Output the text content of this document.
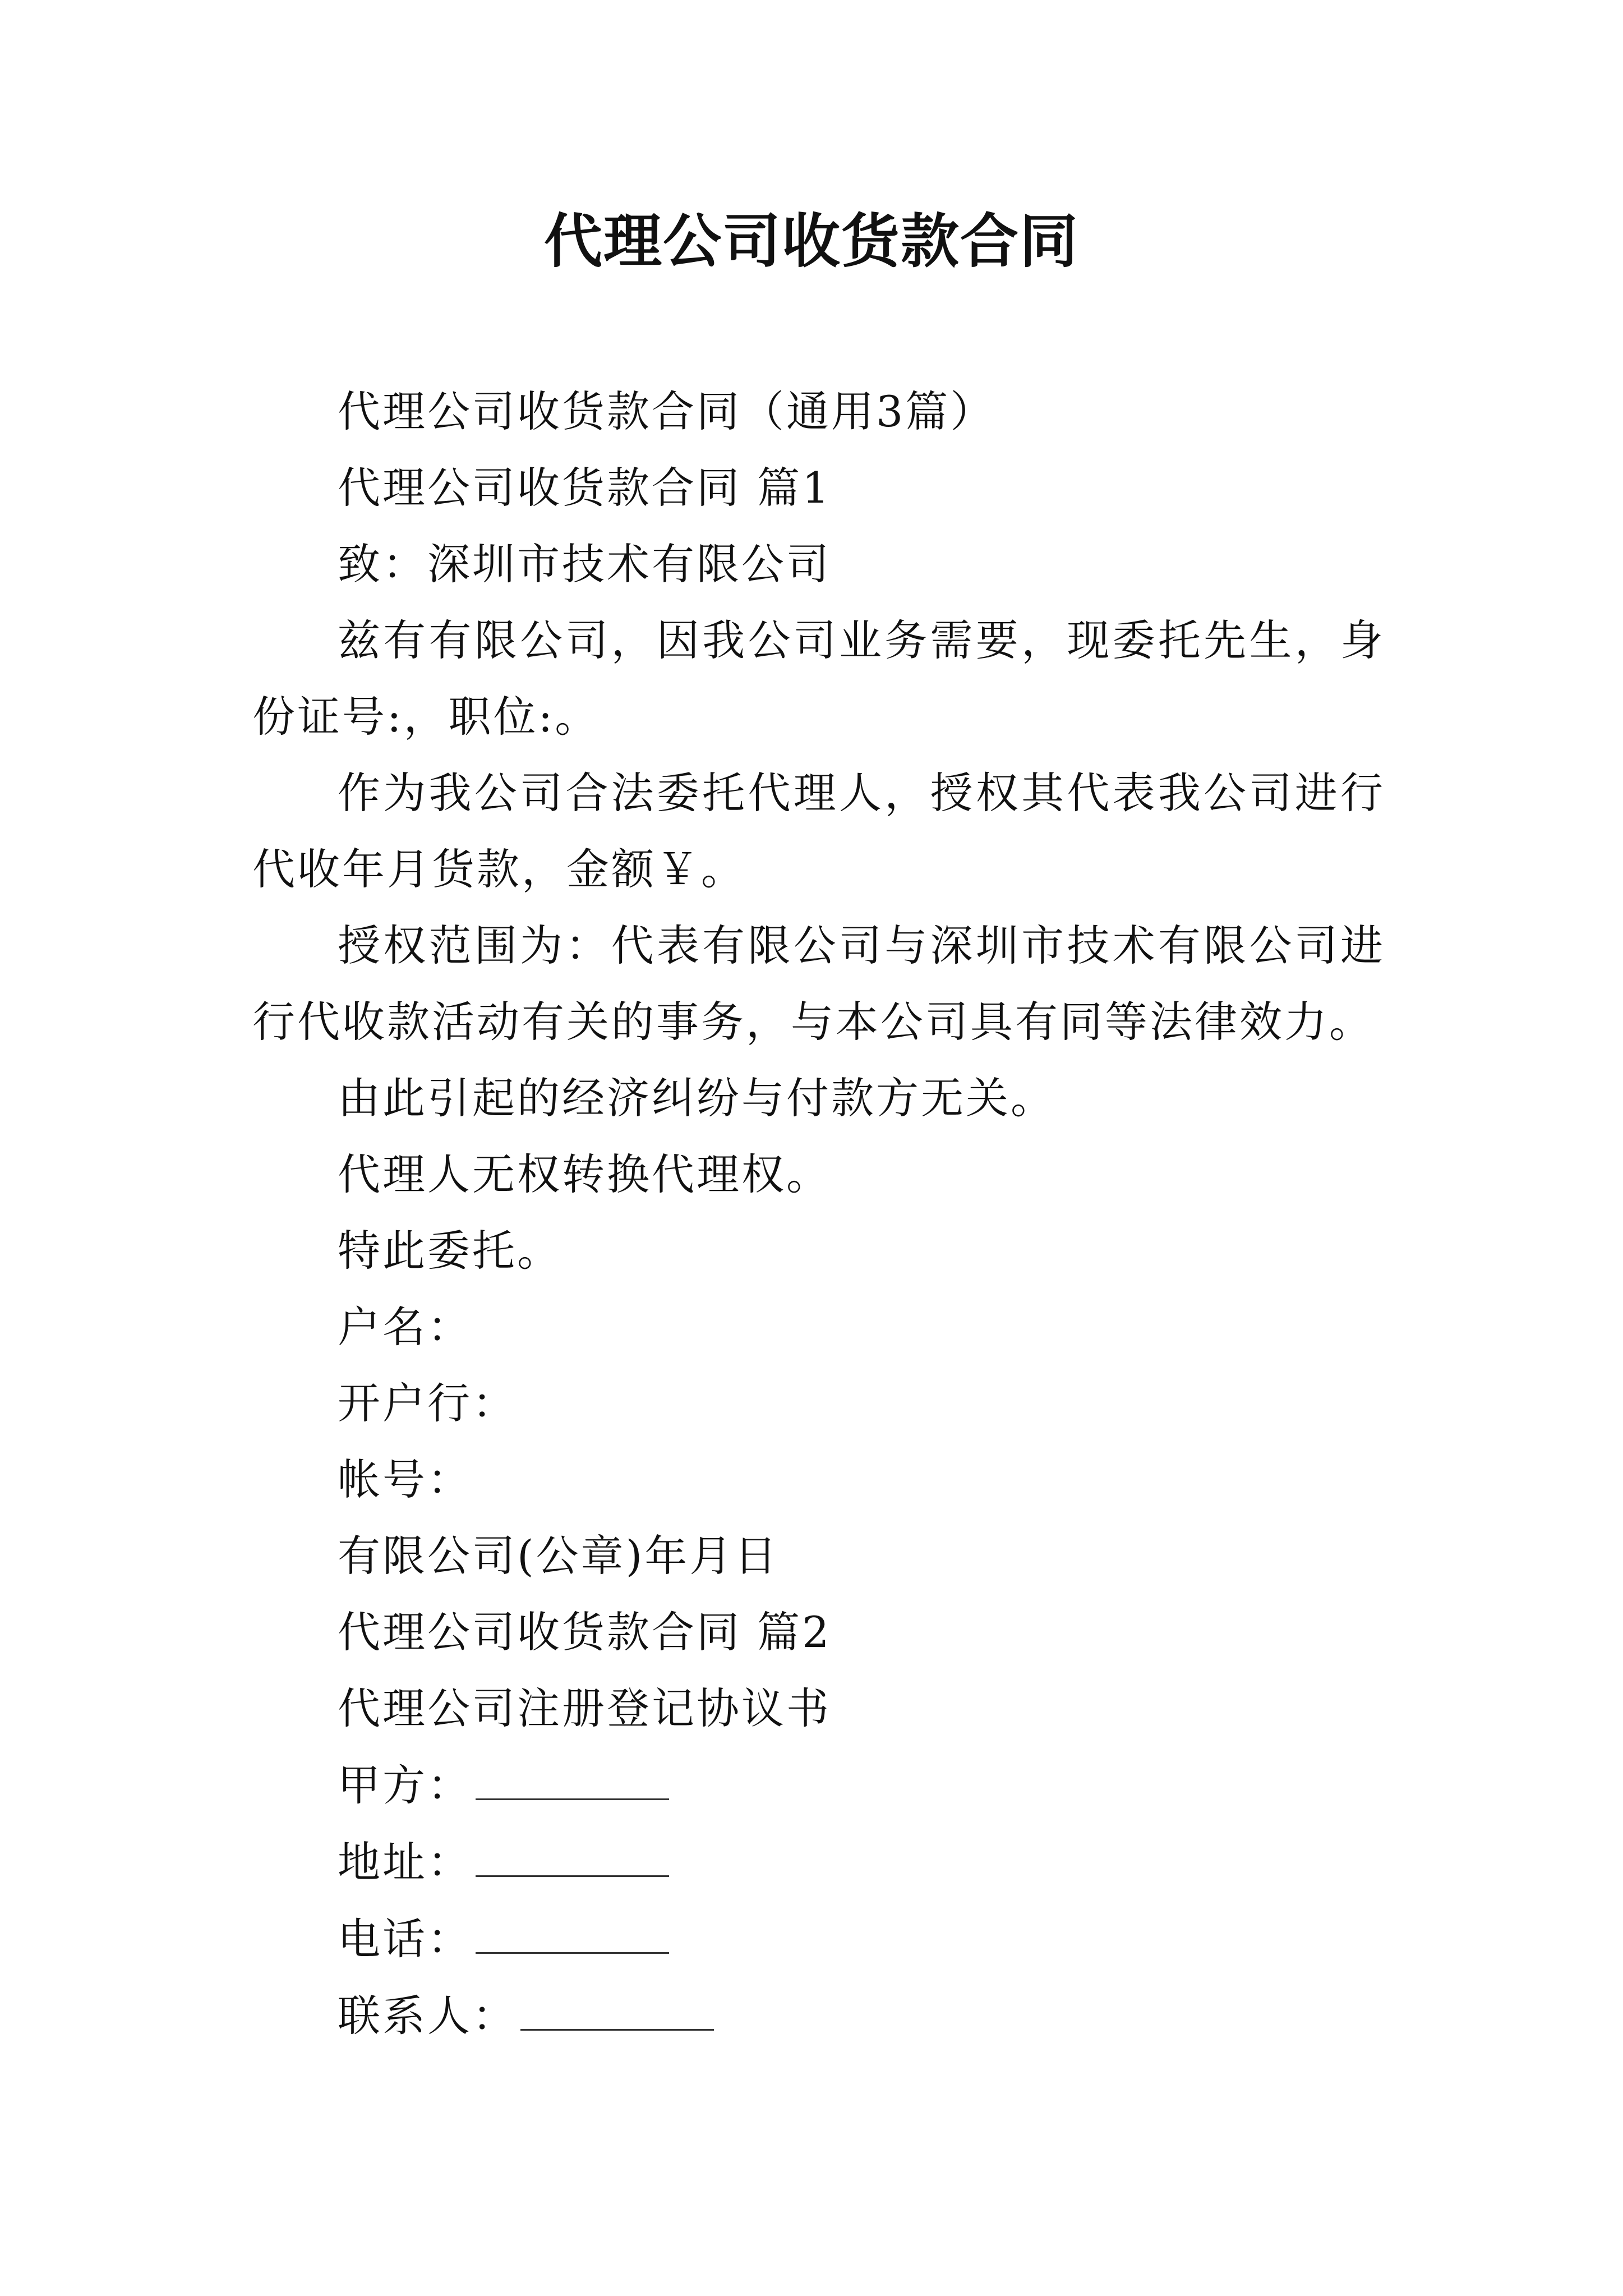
代理公司收货款合同

代理公司收货款合同（通用3篇）

代理公司收货款合同 篇1

致：深圳市技术有限公司

兹有有限公司，因我公司业务需要，现委托先生，身份证号:，职位:。

作为我公司合法委托代理人，授权其代表我公司进行代收年月货款，金额￥。

授权范围为：代表有限公司与深圳市技术有限公司进行代收款活动有关的事务，与本公司具有同等法律效力。

由此引起的经济纠纷与付款方无关。

代理人无权转换代理权。

特此委托。

户名：

开户行：

帐号：

有限公司(公章)年月日

代理公司收货款合同 篇2

代理公司注册登记协议书

甲方：

地址：

电话：

联系人：
